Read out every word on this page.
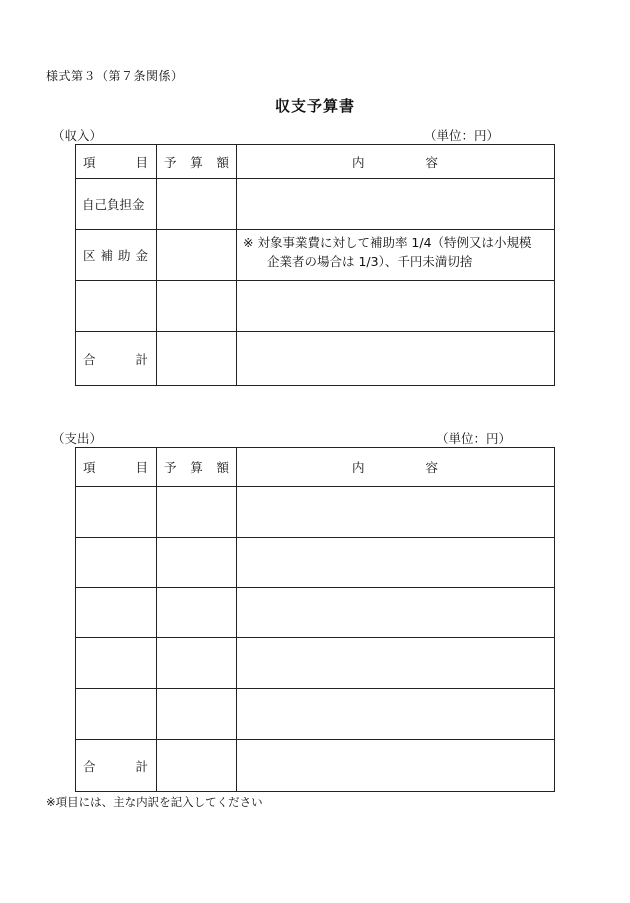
様式第３（第７条関係）
収支予算書
（収入）	（単位：円）
項目	予算額	内 容

自己負担金		
区補助金		※ 対象事業費に対して補助率 1/4（特例又は小規模
企業者の場合は 1/3）、千円未満切捨

合 計		

（支出）	（単位：円）
項目	予算額	内 容

合 計		

※項目には、主な内訳を記入してください
